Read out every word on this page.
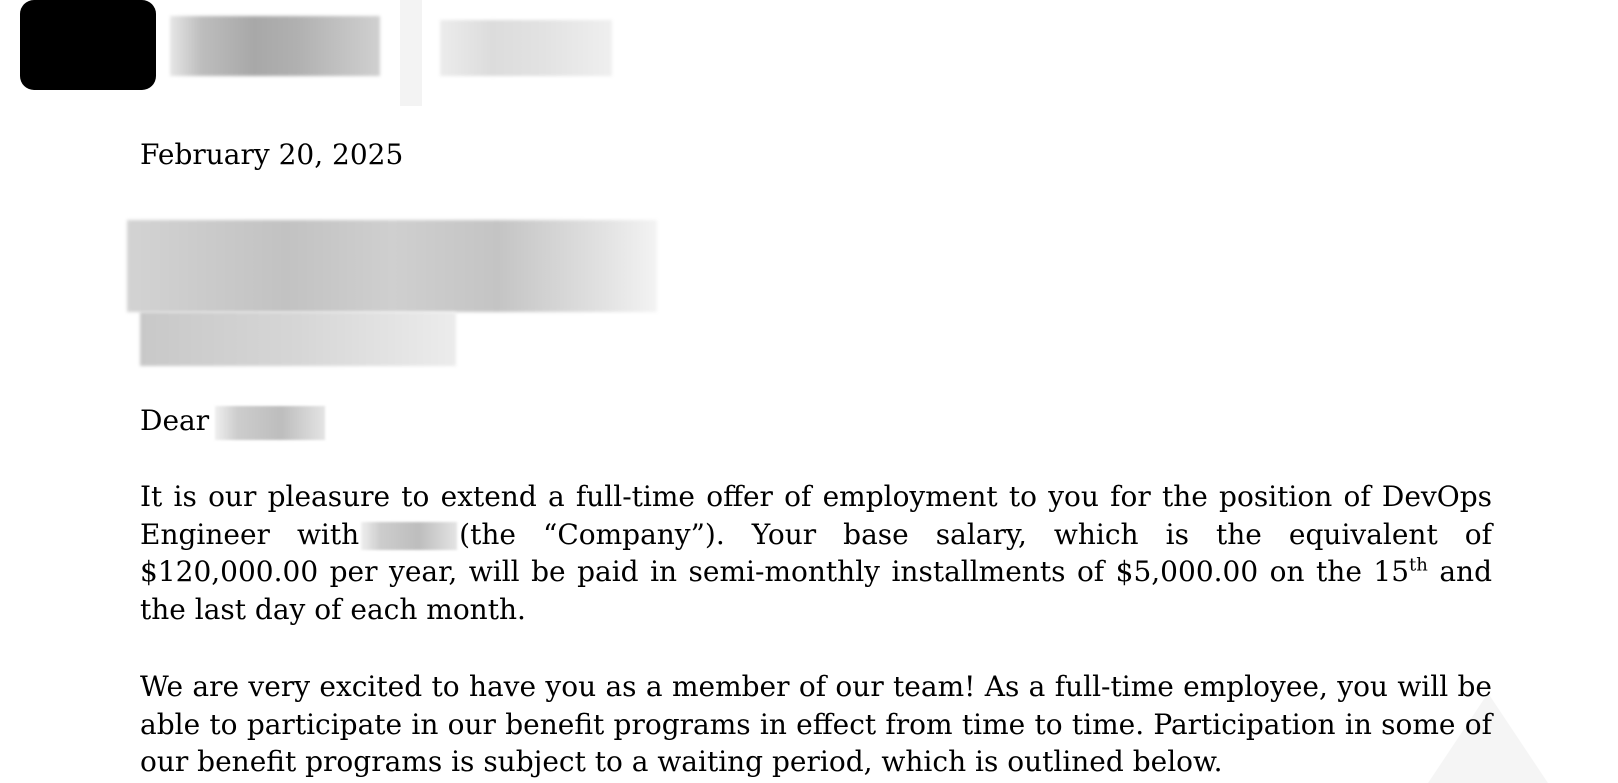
February 20, 2025
Dear
It is our pleasure to extend a full-time offer of employment to you for the position of DevOps Engineer with	(the “Company”). Your base salary, which is the equivalent of $120,000.00 per year, will be paid in semi-monthly installments of $5,000.00 on the 15th and the last day of each month.
We are very excited to have you as a member of our team! As a full-time employee, you will be able to participate in our benefit programs in effect from time to time. Participation in some of our benefit programs is subject to a waiting period, which is outlined below.
